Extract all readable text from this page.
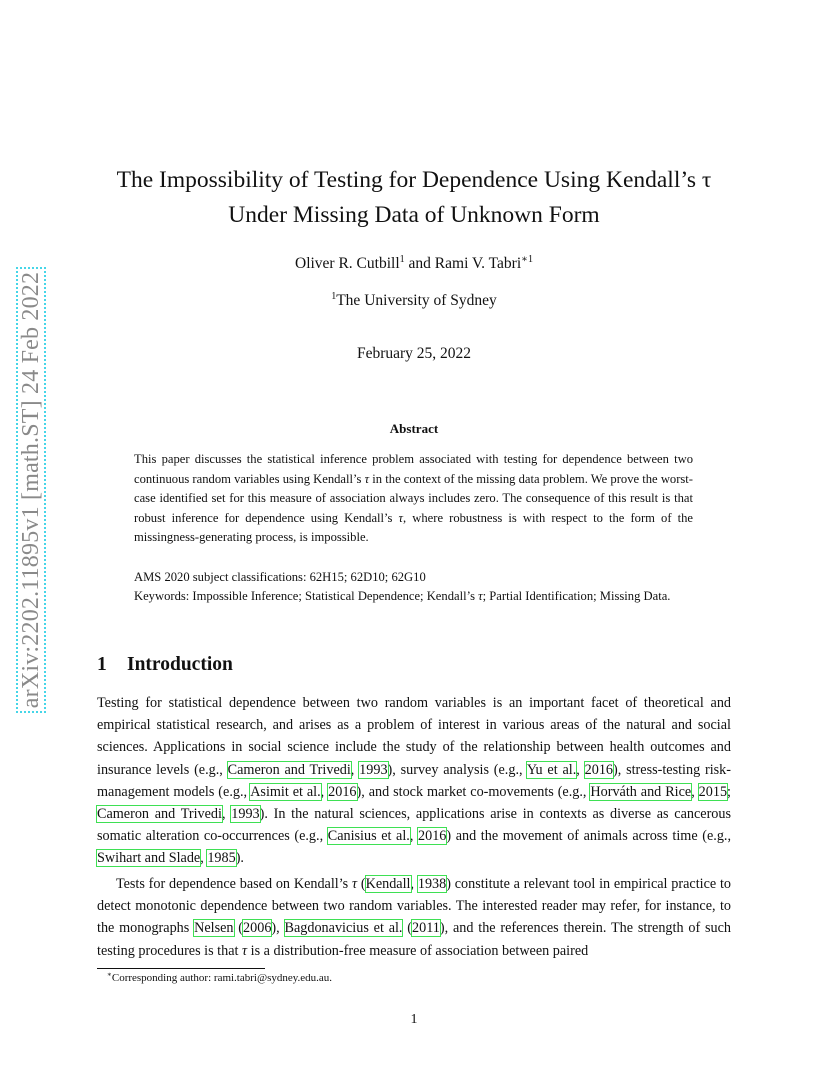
arXiv:2202.11895v1 [math.ST] 24 Feb 2022
The Impossibility of Testing for Dependence Using Kendall’s τ
Under Missing Data of Unknown Form
Oliver R. Cutbill$^1$ and Rami V. Tabri$^{∗1}$
$^1$The University of Sydney
February 25, 2022
Abstract
This paper discusses the statistical inference problem associated with testing for dependence between two continuous random variables using Kendall’s τ in the context of the missing data problem. We prove the worst-case identified set for this measure of association always includes zero. The consequence of this result is that robust inference for dependence using Kendall’s τ, where robustness is with respect to the form of the missingness-generating process, is impossible.
AMS 2020 subject classifications: 62H15; 62D10; 62G10
Keywords: Impossible Inference; Statistical Dependence; Kendall’s τ; Partial Identification; Missing Data.
1 Introduction
Testing for statistical dependence between two random variables is an important facet of theoretical and empirical statistical research, and arises as a problem of interest in various areas of the natural and social sciences. Applications in social science include the study of the relationship between health outcomes and insurance levels (e.g., Cameron and Trivedi, 1993), survey analysis (e.g., Yu et al., 2016), stress-testing risk-management models (e.g., Asimit et al., 2016), and stock market co-movements (e.g., Horváth and Rice, 2015; Cameron and Trivedi, 1993). In the natural sciences, applications arise in contexts as diverse as cancerous somatic alteration co-occurrences (e.g., Canisius et al., 2016) and the movement of animals across time (e.g., Swihart and Slade, 1985).
Tests for dependence based on Kendall’s τ (Kendall, 1938) constitute a relevant tool in empirical practice to detect monotonic dependence between two random variables. The interested reader may refer, for instance, to the monographs Nelsen (2006), Bagdonavicius et al. (2011), and the references therein. The strength of such testing procedures is that τ is a distribution-free measure of association between paired
∗Corresponding author: rami.tabri@sydney.edu.au.
1
